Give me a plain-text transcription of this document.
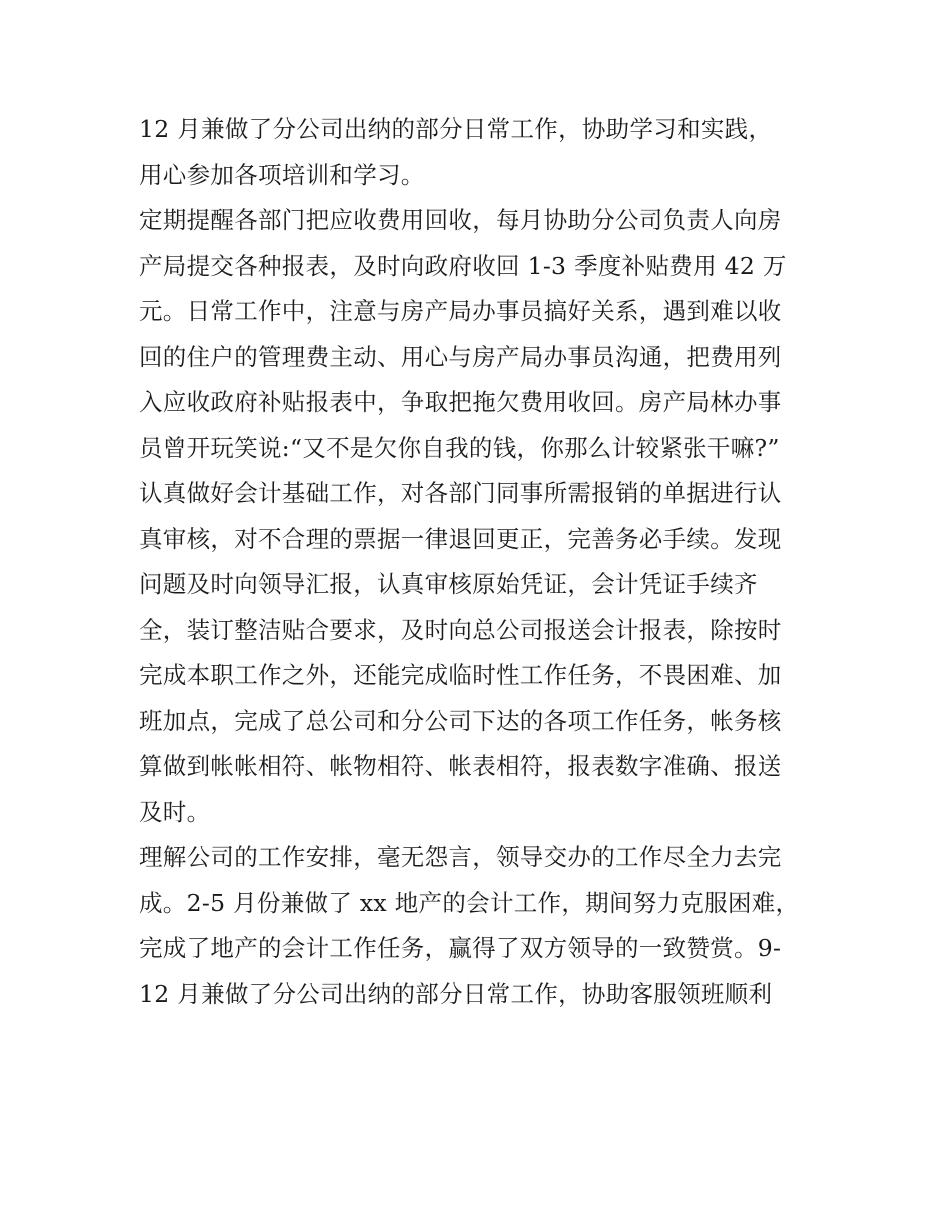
12 月兼做了分公司出纳的部分日常工作，协助学习和实践，
用心参加各项培训和学习。
定期提醒各部门把应收费用回收，每月协助分公司负责人向房
产局提交各种报表，及时向政府收回 1-3 季度补贴费用 42 万
元。日常工作中，注意与房产局办事员搞好关系，遇到难以收
回的住户的管理费主动、用心与房产局办事员沟通，把费用列
入应收政府补贴报表中，争取把拖欠费用收回。房产局林办事
员曾开玩笑说:“又不是欠你自我的钱，你那么计较紧张干嘛?”
认真做好会计基础工作，对各部门同事所需报销的单据进行认
真审核，对不合理的票据一律退回更正，完善务必手续。发现
问题及时向领导汇报，认真审核原始凭证，会计凭证手续齐
全，装订整洁贴合要求，及时向总公司报送会计报表，除按时
完成本职工作之外，还能完成临时性工作任务，不畏困难、加
班加点，完成了总公司和分公司下达的各项工作任务，帐务核
算做到帐帐相符、帐物相符、帐表相符，报表数字准确、报送
及时。
理解公司的工作安排，毫无怨言，领导交办的工作尽全力去完
成。2-5 月份兼做了 xx 地产的会计工作，期间努力克服困难，
完成了地产的会计工作任务，赢得了双方领导的一致赞赏。9-
12 月兼做了分公司出纳的部分日常工作，协助客服领班顺利
